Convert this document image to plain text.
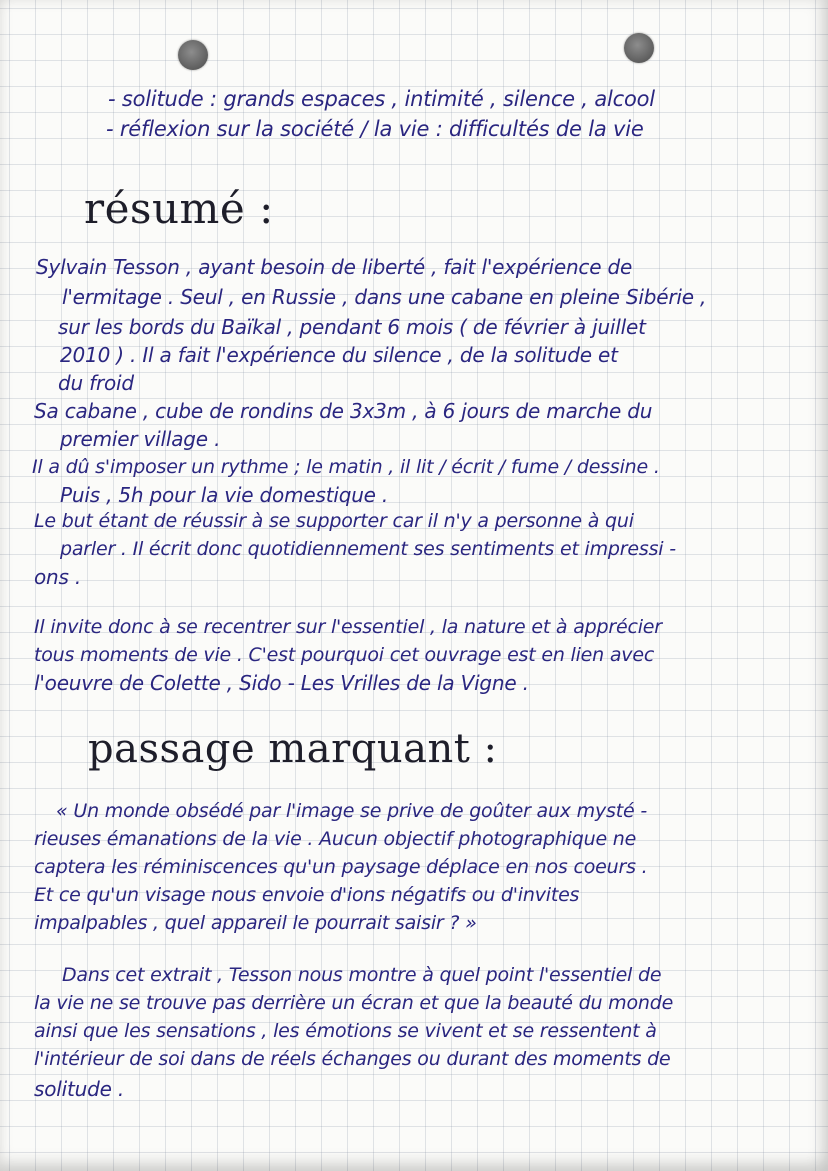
- solitude : grands espaces , intimité , silence , alcool
- réflexion sur la société / la vie : difficultés de la vie
résumé :
Sylvain Tesson , ayant besoin de liberté , fait l'expérience de
l'ermitage . Seul , en Russie , dans une cabane en pleine Sibérie ,
sur les bords du Baïkal , pendant 6 mois ( de février à juillet
2010 ) . Il a fait l'expérience du silence , de la solitude et
du froid
Sa cabane , cube de rondins de 3x3m , à 6 jours de marche du
premier village .
Il a dû s'imposer un rythme ; le matin , il lit / écrit / fume / dessine .
Puis , 5h pour la vie domestique .
Le but étant de réussir à se supporter car il n'y a personne à qui
parler . Il écrit donc quotidiennement ses sentiments et impressi -
ons .
Il invite donc à se recentrer sur l'essentiel , la nature et à apprécier
tous moments de vie . C'est pourquoi cet ouvrage est en lien avec
l'oeuvre de Colette , Sido - Les Vrilles de la Vigne .
passage marquant :
« Un monde obsédé par l'image se prive de goûter aux mysté -
rieuses émanations de la vie . Aucun objectif photographique ne
captera les réminiscences qu'un paysage déplace en nos coeurs .
Et ce qu'un visage nous envoie d'ions négatifs ou d'invites
impalpables , quel appareil le pourrait saisir ? »
Dans cet extrait , Tesson nous montre à quel point l'essentiel de
la vie ne se trouve pas derrière un écran et que la beauté du monde
ainsi que les sensations , les émotions se vivent et se ressentent à
l'intérieur de soi dans de réels échanges ou durant des moments de
solitude .
